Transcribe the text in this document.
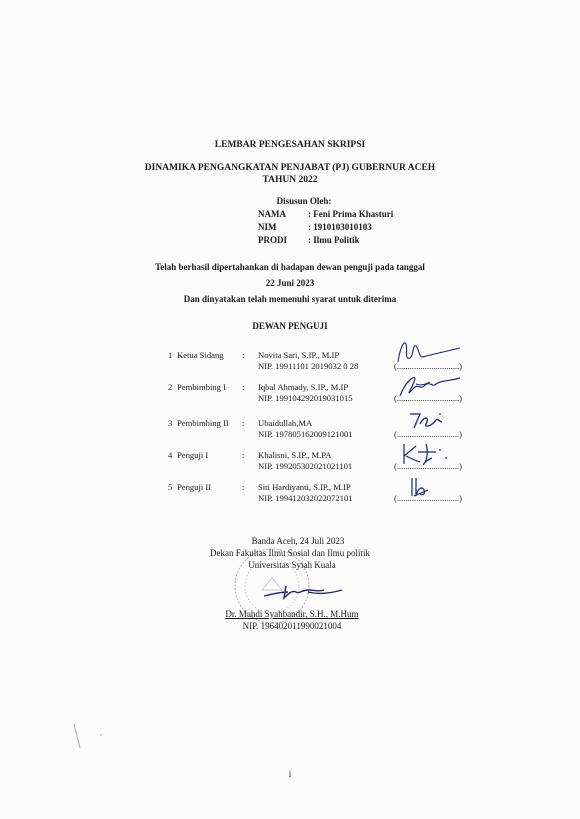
LEMBAR PENGESAHAN SKRIPSI
DINAMIKA PENGANGKATAN PENJABAT (PJ) GUBERNUR ACEH
TAHUN 2022
Disusun Oleh:
NAMA : Feni Prima Khasturi
NIM	: 1910103010103
PRODI : Ilmu Politik
Telah berhasil dipertahankan di hadapan dewan penguji pada tanggal
22 Juni 2023
Dan dinyatakan telah memenuhi syarat untuk diterima
DEWAN PENGUJI
1 Ketua Sidang : Novita Sari, S.IP., M.IP
NIP. 19911101 2019032 0 28	(.............................)
2 Pembimbing I : Iqbal Ahmady, S.IP., M.IP
NIP. 199104292019031015	(.............................)
3 Pembimbing II : Ubaidullah,MA
NIP. 197805162009121001	(.............................)
4 Penguji I	: Khalisni, S.IP., M.PA
NIP. 199205302021021101	(.............................)
5 Penguji II	: Siti Hardiyanti, S.IP., M.IP
NIP. 199412032022072101	(.............................)
Banda Aceh, 24 Juli 2023
Dekan Fakultas Ilmu Sosial dan Ilmu politik
Universitas Syiah Kuala
Dr. Mahdi Syahbandir, S.H., M.Hum
NIP. 196402011990021004
i
